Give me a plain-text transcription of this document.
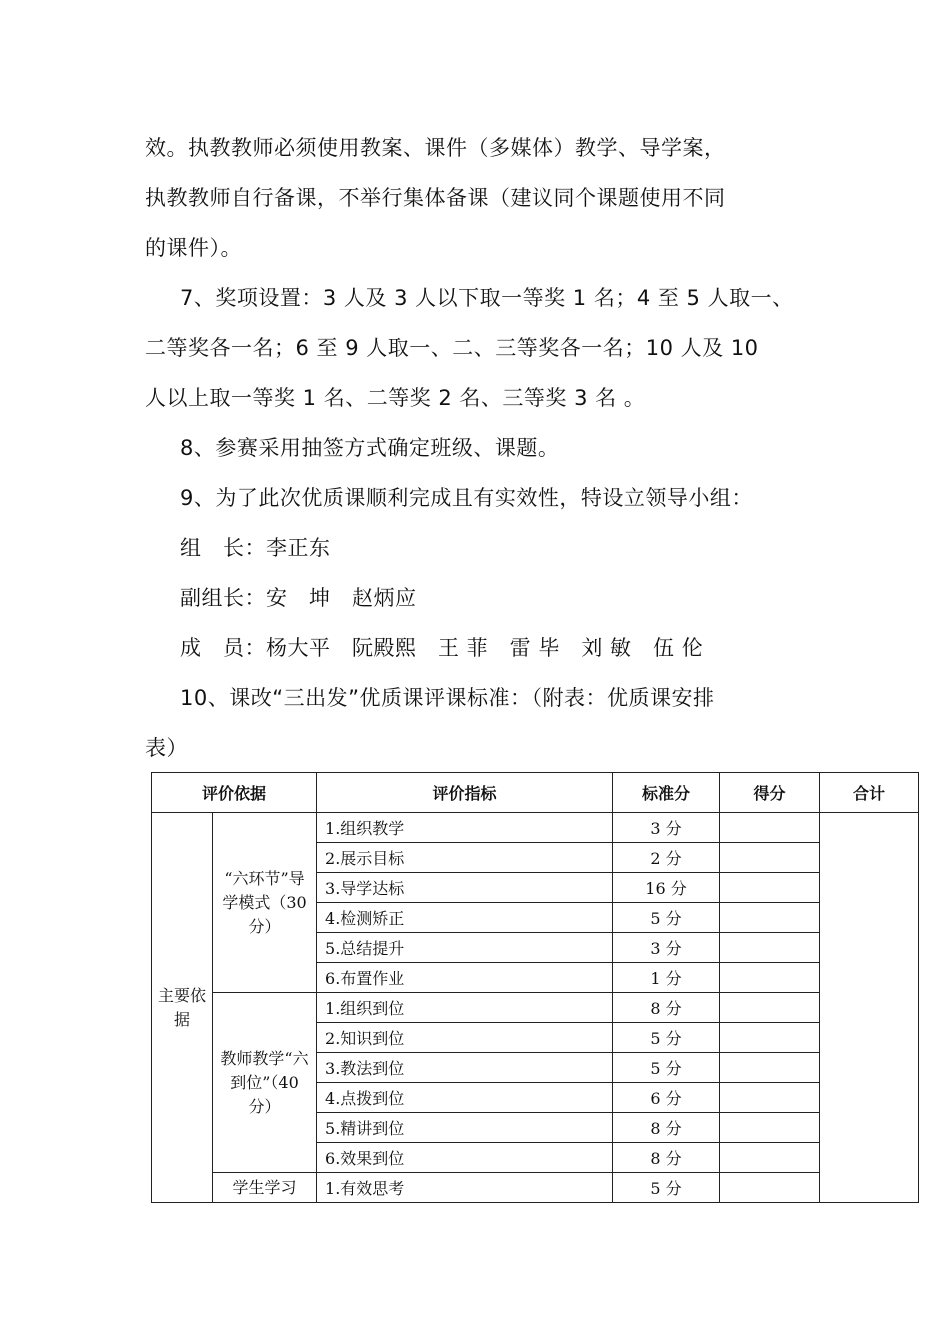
效。执教教师必须使用教案、课件（多媒体）教学、导学案，
执教教师自行备课，不举行集体备课（建议同个课题使用不同
的课件）。
7、奖项设置：3 人及 3 人以下取一等奖 1 名；4 至 5 人取一、
二等奖各一名；6 至 9 人取一、二、三等奖各一名；10 人及 10
人以上取一等奖 1 名、二等奖 2 名、三等奖 3 名 。
8、参赛采用抽签方式确定班级、课题。
9、为了此次优质课顺利完成且有实效性，特设立领导小组：
组　长：李正东
副组长：安　坤　赵炳应
成　员：杨大平　阮殿熙　王 菲　雷 毕　刘 敏　伍 伦
10、课改“三出发”优质课评课标准：（附表：优质课安排
表）
评价依据		评价指标	标准分	得分	合计
主要依据	“六环节”导学模式（30分）	1.组织教学	3 分		
		2.展示目标	2 分		
		3.导学达标	16 分		
		4.检测矫正	5 分		
		5.总结提升	3 分		
		6.布置作业	1 分		
	教师教学“六到位”（40分）	1.组织到位	8 分		
		2.知识到位	5 分		
		3.教法到位	5 分		
		4.点拨到位	6 分		
		5.精讲到位	8 分		
		6.效果到位	8 分		
	学生学习	1.有效思考	5 分		
